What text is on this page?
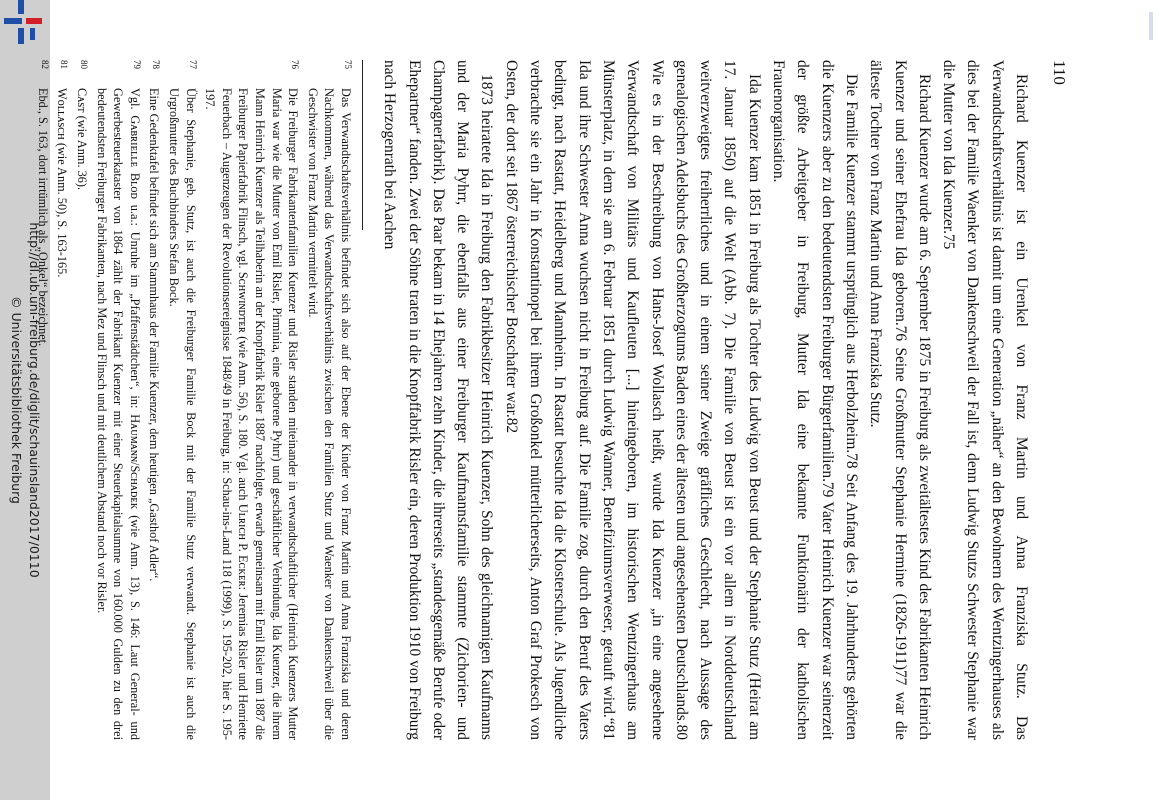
http://dl.ub.uni-freiburg.de/diglit/schauinsland2017/0110
© Universitätsbibliothek Freiburg
110

Richard Kuenzer ist ein Urenkel von Franz Martin und Anna Franziska Stutz. Das Verwandtschaftsverhältnis ist damit um eine Generation „näher“ an den Bewohnern des Wentzingerhauses als dies bei der Familie Waenker von Dankenschweil der Fall ist, denn Ludwig Stutzs Schwester Stephanie war die Mutter von Ida Kuenzer.75

Richard Kuenzer wurde am 6. September 1875 in Freiburg als zweitältestes Kind des Fabrikanten Heinrich Kuenzer und seiner Ehefrau Ida geboren.76 Seine Großmutter Stephanie Hermine (1826-1911)77 war die älteste Tochter von Franz Martin und Anna Franziska Stutz.

Die Familie Kuenzer stammt ursprünglich aus Herbolzheim.78 Seit Anfang des 19. Jahrhunderts gehörten die Kuenzers aber zu den bedeutendsten Freiburger Bürgerfamilien.79 Vater Heinrich Kuenzer war seinerzeit der größte Arbeitgeber in Freiburg, Mutter Ida eine bekannte Funktionärin der katholischen Frauenorganisation.

Ida Kuenzer kam 1851 in Freiburg als Tochter des Ludwig von Beust und der Stephanie Stutz (Heirat am 17. Januar 1850) auf die Welt (Abb. 7). Die Familie von Beust ist ein vor allem in Norddeutschland weitverzweigtes freiherrliches und in einem seiner Zweige gräfliches Geschlecht, nach Aussage des genealogischen Adelsbuchs des Großherzogtums Baden eines der ältesten und angesehensten Deutschlands.80 Wie es in der Beschreibung von Hans-Josef Wollasch heißt, wurde Ida Kuenzer „in eine angesehene Verwandtschaft von Militärs und Kaufleuten [...] hineingeboren, im historischen Wentzingerhaus am Münsterplatz, in dem sie am 6. Februar 1851 durch Ludwig Wanner, Benefiziumsverweser, getauft wird.“81 Ida und ihre Schwester Anna wuchsen nicht in Freiburg auf. Die Familie zog, durch den Beruf des Vaters bedingt, nach Rastatt, Heidelberg und Mannheim. In Rastatt besuchte Ida die Klosterschule. Als Jugendliche verbrachte sie ein Jahr in Konstantinopel bei ihrem Großonkel mütterlicherseits, Anton Graf Prokesch von Osten, der dort seit 1867 österreichischer Botschafter war.82

1873 heiratete Ida in Freiburg den Fabrikbesitzer Heinrich Kuenzer, Sohn des gleichnamigen Kaufmanns und der Maria Pyhrr, die ebenfalls aus einer Freiburger Kaufmannsfamilie stammte (Zichorien- und Champagnerfabrik). Das Paar bekam in 14 Ehejahren zehn Kinder, die ihrerseits „standesgemäße Berufe oder Ehepartner“ fanden. Zwei der Söhne traten in die Knopffabrik Risler ein, deren Produktion 1910 von Freiburg nach Herzogenrath bei Aachen

75
Das Verwandtschaftsverhältnis befindet sich also auf der Ebene der Kinder von Franz Martin und Anna Franziska und deren Nachkommen, während das Verwandtschaftsverhältnis zwischen den Familien Stutz und Waenker von Dankenschweil über die Geschwister von Franz Martin vermittelt wird.
76
Die Freiburger Fabrikantenfamilien Kuenzer und Risler standen miteinander in verwandtschaftlicher (Heinrich Kuenzers Mutter Maria war wie die Mutter von Emil Risler, Pirminia, eine geborene Pyhrr) und geschäftlicher Verbindung. Ida Kuenzer, die ihrem Mann Heinrich Kuenzer als Teilhaberin an der Knopffabrik Risler 1887 nachfolgte, erwarb gemeinsam mit Emil Risler um 1887 die Freiburger Papierfabrik Flinsch, vgl. Sᴄʜᴡɪɴᴅᴛᴇʀ (wie Anm. 56), S. 180. Vgl. auch Uʟʀɪᴄʜ P. Eᴄᴋᴇʀ: Jeremias Risler und Henriette Feuerbach – Augenzeugen der Revolutionsereignisse 1848/49 in Freiburg, in: Schau-ins-Land 118 (1999), S. 195-202, hier S. 195-197.
77
Über Stephanie, geb. Stutz, ist auch die Freiburger Familie Bock mit der Familie Stutz verwandt. Stephanie ist auch die Urgroßmutter des Buchbinders Stefan Bock.
78
Eine Gedenktafel befindet sich am Stammhaus der Familie Kuenzer, dem heutigen „Gasthof Adler“.
79
Vgl. Gᴀʙʀɪᴇʟʟᴇ Bʟᴏᴅ u.a.: Unruhe im „Pfaffenstädtchen“, in: Hᴀᴜᴍᴀɴɴ/Sᴄʜᴀᴅᴇᴋ (wie Anm. 13), S. 146: Laut General- und Gewerbesteuerkataster von 1864 zählt der Fabrikant Kuenzer mit einer Steuerkapitalsumme von 160.000 Gulden zu den drei bedeutendsten Freiburger Fabrikanten, nach Mez und Flinsch und mit deutlichem Abstand noch vor Risler.
80
Cᴀsᴛ (wie Anm. 36).
81
Wᴏʟʟᴀsᴄʜ (wie Anm. 50), S. 163-165.
82
Ebd., S. 163, dort irrtümlich als „Onkel“ bezeichnet.
